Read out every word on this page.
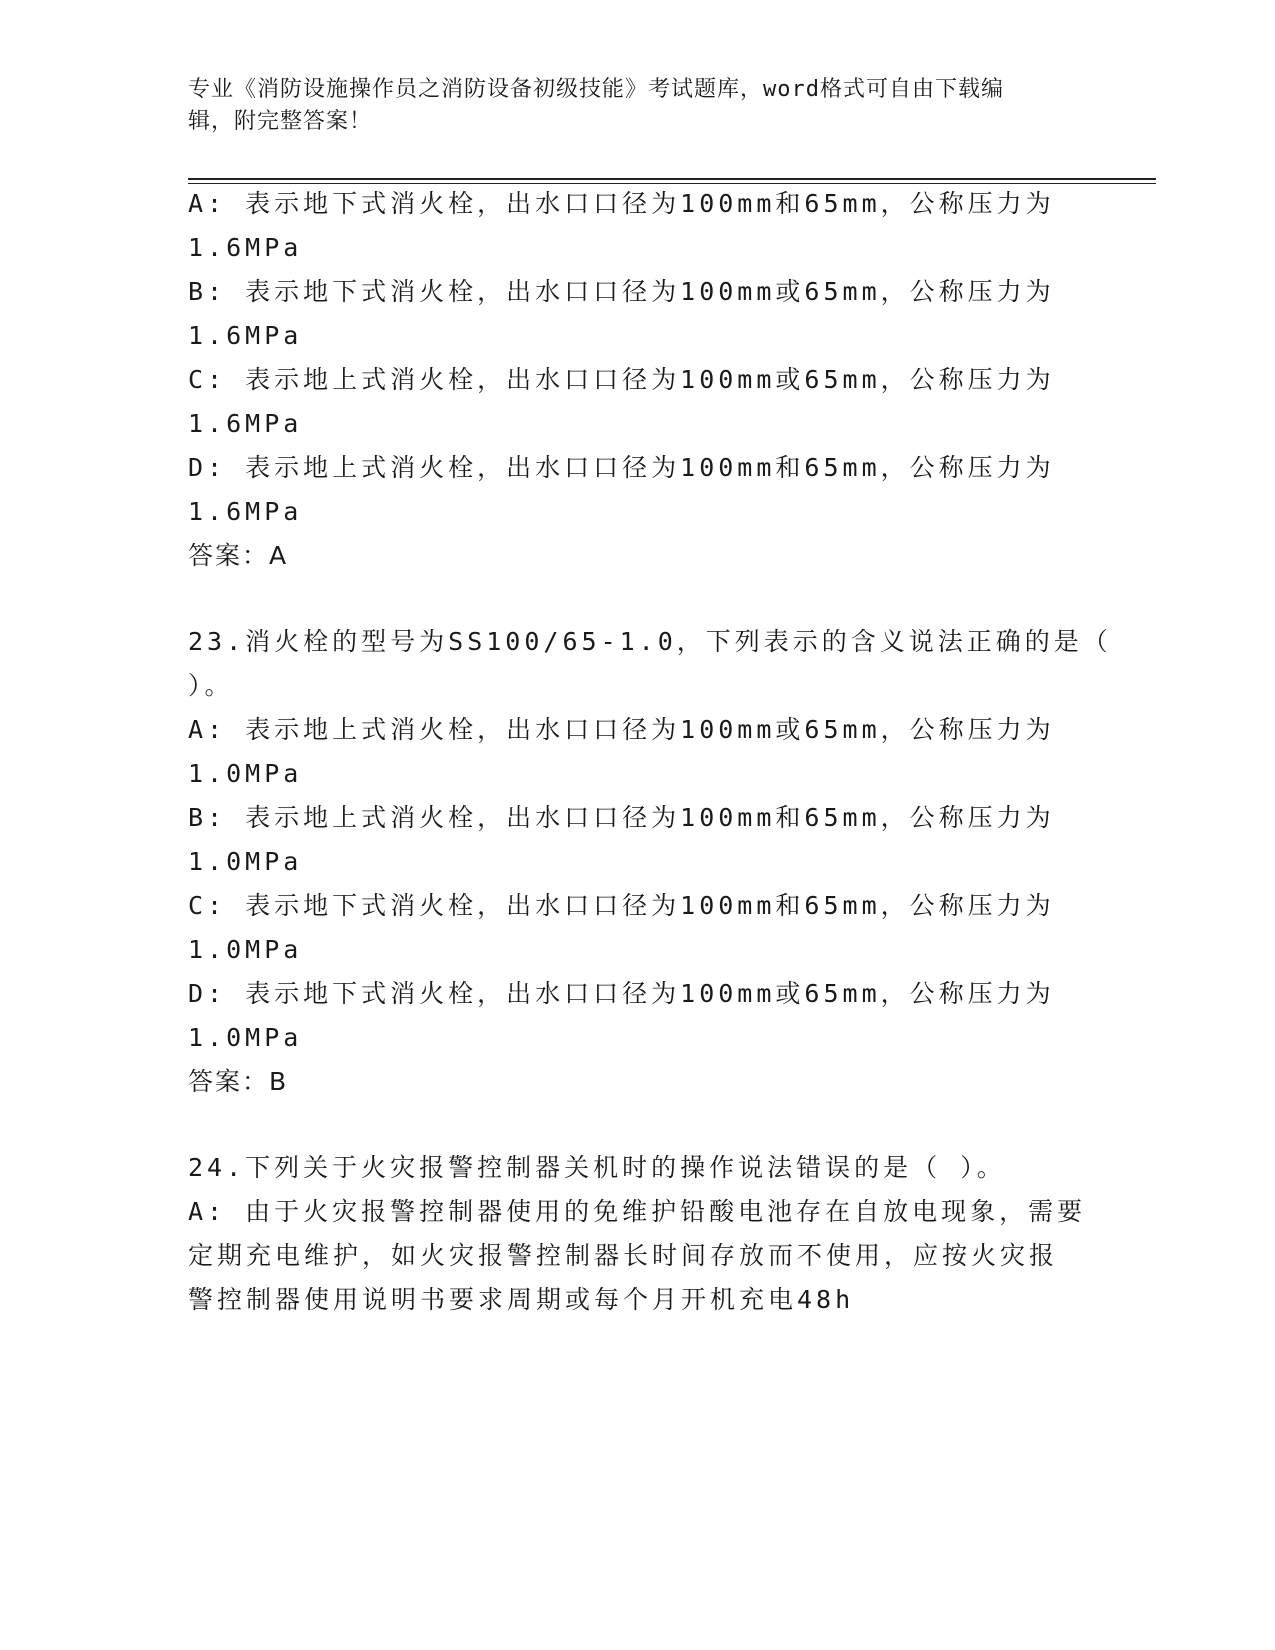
专业《消防设施操作员之消防设备初级技能》考试题库，word格式可自由下载编
辑，附完整答案！
A: 表示地下式消火栓，出水口口径为100mm和65mm，公称压力为
1.6MPa
B: 表示地下式消火栓，出水口口径为100mm或65mm，公称压力为
1.6MPa
C: 表示地上式消火栓，出水口口径为100mm或65mm，公称压力为
1.6MPa
D: 表示地上式消火栓，出水口口径为100mm和65mm，公称压力为
1.6MPa
答案：A
23.消火栓的型号为SS100/65-1.0，下列表示的含义说法正确的是（
）。
A: 表示地上式消火栓，出水口口径为100mm或65mm，公称压力为
1.0MPa
B: 表示地上式消火栓，出水口口径为100mm和65mm，公称压力为
1.0MPa
C: 表示地下式消火栓，出水口口径为100mm和65mm，公称压力为
1.0MPa
D: 表示地下式消火栓，出水口口径为100mm或65mm，公称压力为
1.0MPa
答案：B
24.下列关于火灾报警控制器关机时的操作说法错误的是（ ）。
A: 由于火灾报警控制器使用的免维护铅酸电池存在自放电现象，需要
定期充电维护，如火灾报警控制器长时间存放而不使用，应按火灾报
警控制器使用说明书要求周期或每个月开机充电48h
